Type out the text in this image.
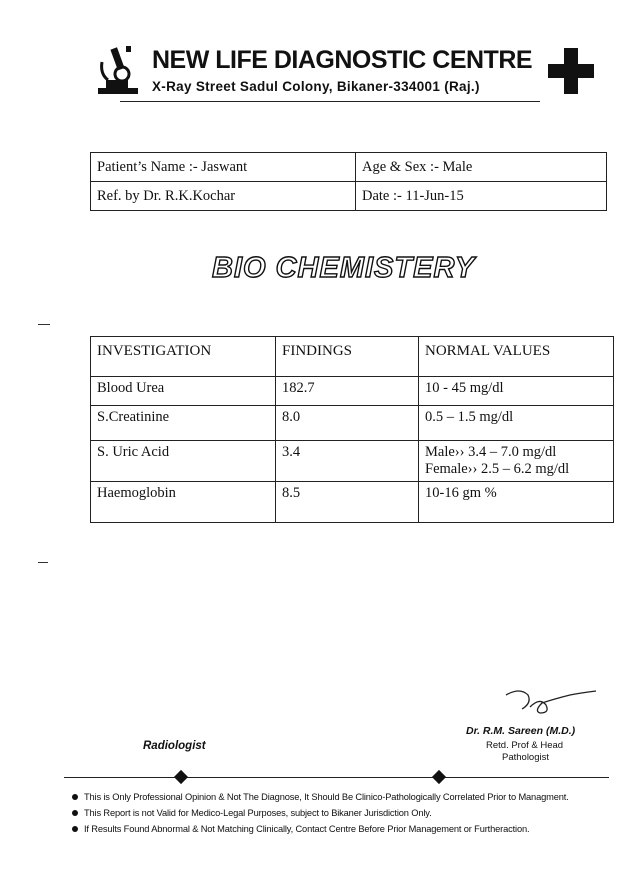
NEW LIFE DIAGNOSTIC CENTRE
X-Ray Street Sadul Colony, Bikaner-334001 (Raj.)
Patient’s Name :- Jaswant	Age & Sex :- Male
Ref. by Dr. R.K.Kochar	Date :- 11-Jun-15
BIO CHEMISTERY
INVESTIGATION	FINDINGS	NORMAL VALUES
Blood Urea	182.7	10 - 45 mg/dl
S.Creatinine	8.0	0.5 – 1.5 mg/dl
S. Uric Acid	3.4	Male›› 3.4 – 7.0 mg/dl
Female›› 2.5 – 6.2 mg/dl

Haemoglobin	8.5	10-16 gm %
Radiologist
Dr. R.M. Sareen (M.D.)
Retd. Prof & Head
Pathologist
This is Only Professional Opinion & Not The Diagnose, It Should Be Clinico-Pathologically Correlated Prior to Managment.
This Report is not Valid for Medico-Legal Purposes, subject to Bikaner Jurisdiction Only.
If Results Found Abnormal & Not Matching Clinically, Contact Centre Before Prior Management or Furtheraction.
